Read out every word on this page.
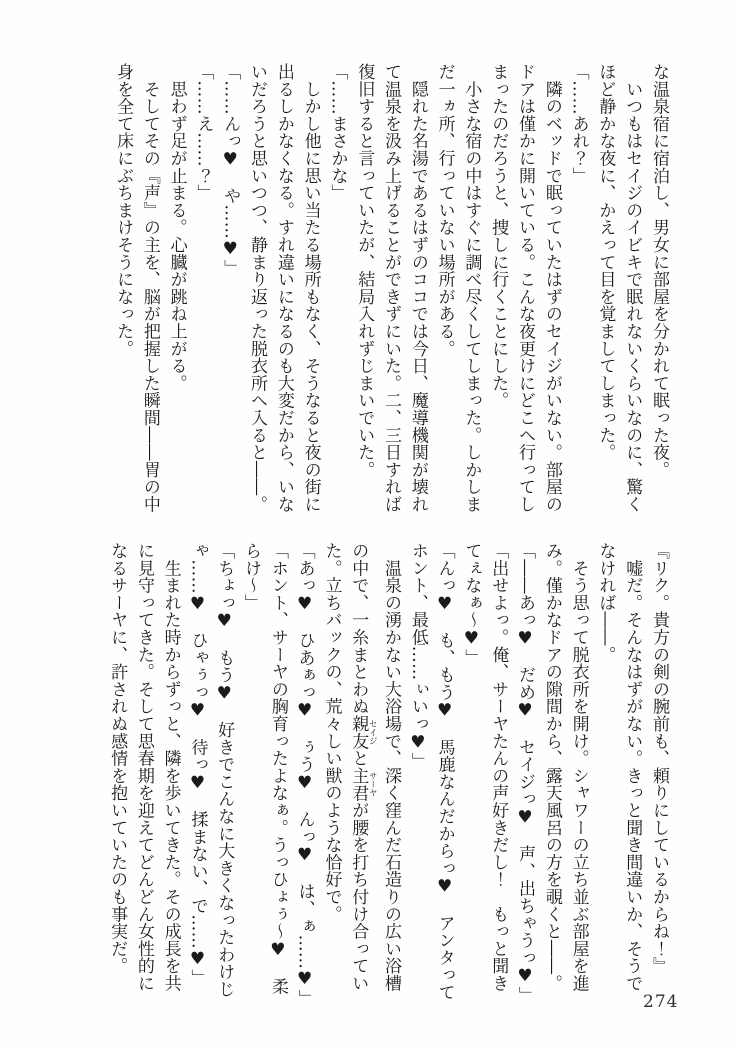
な温泉宿に宿泊し、男女に部屋を分かれて眠った夜。
　いつもはセイジのイビキで眠れないくらいなのに、驚く
ほど静かな夜に、かえって目を覚ましてしまった。
「……あれ？」
　隣のベッドで眠っていたはずのセイジがいない。部屋の
ドアは僅かに開いている。こんな夜更けにどこへ行ってし
まったのだろうと、捜しに行くことにした。
　小さな宿の中はすぐに調べ尽くしてしまった。しかしま
だ一ヵ所、行っていない場所がある。
　隠れた名湯であるはずのココでは今日、魔導機関が壊れ
て温泉を汲み上げることができずにいた。二、三日すれば
復旧すると言っていたが、結局入れずじまいでいた。
「……まさかな」
　しかし他に思い当たる場所もなく、そうなると夜の街に
出るしかなくなる。すれ違いになるのも大変だから、いな
いだろうと思いつつ、静まり返った脱衣所へ入ると――。
「……んっ♥　や……♥」
「……え……？」
　思わず足が止まる。心臓が跳ね上がる。
　そしてその『声』の主を、脳が把握した瞬間――胃の中
身を全て床にぶちまけそうになった。
『リク。貴方の剣の腕前も、頼りにしているからね！』
　嘘だ。そんなはずがない。きっと聞き間違いか、そうで
なければ――。
　そう思って脱衣所を開け。シャワーの立ち並ぶ部屋を進
み。僅かなドアの隙間から、露天風呂の方を覗くと――。
「――あっ♥　だめ♥　セイジっ♥　声、出ちゃうっ♥」
「出せよっ。俺、サーヤたんの声好きだし！　もっと聞き
てぇなぁ〜♥」
「んっ♥　も、もう♥　馬鹿なんだからっ♥　アンタって
ホント、最低……ぃいっ♥」
　温泉の湧かない大浴場で、深く窪んだ石造りの広い浴槽
の中で、一糸まとわぬ親友 セイジと主君 サーヤが腰を打ち付け合ってい
た。立ちバックの、荒々しい獣のような恰好で。
「あっ♥　ひあぁっ♥　ぅう♥　んっ♥　は、ぁ……♥」
「ホント、サーヤの胸育ったよなぁ。うっひょぅ〜♥　柔
らけ〜」
「ちょっ♥　もう♥　好きでこんなに大きくなったわけじ
ゃ……♥　ひゃぅっ♥　待っ♥　揉まない、で……♥」
　生まれた時からずっと、隣を歩いてきた。その成長を共
に見守ってきた。そして思春期を迎えてどんどん女性的に
なるサーヤに、許されぬ感情を抱いていたのも事実だ。
274
